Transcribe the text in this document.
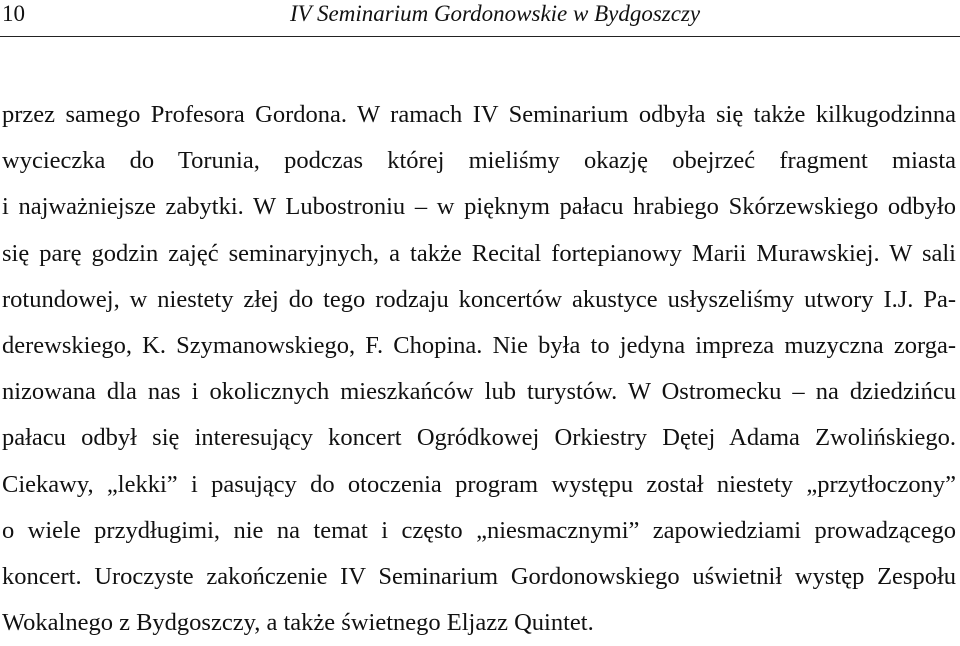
10	IV Seminarium Gordonowskie w Bydgoszczy
przez samego Profesora Gordona. W ramach IV Seminarium odbyła się także kilkugodzinna
wycieczka do Torunia, podczas której mieliśmy okazję obejrzeć fragment miasta
i najważniejsze zabytki. W Lubostroniu – w pięknym pałacu hrabiego Skórzewskiego odbyło
się parę godzin zajęć seminaryjnych, a także Recital fortepianowy Marii Murawskiej. W sali
rotundowej, w niestety złej do tego rodzaju koncertów akustyce usłyszeliśmy utwory I.J. Pa-
derewskiego, K. Szymanowskiego, F. Chopina. Nie była to jedyna impreza muzyczna zorga-
nizowana dla nas i okolicznych mieszkańców lub turystów. W Ostromecku – na dziedzińcu
pałacu odbył się interesujący koncert Ogródkowej Orkiestry Dętej Adama Zwolińskiego.
Ciekawy, „lekki” i pasujący do otoczenia program występu został niestety „przytłoczony”
o wiele przydługimi, nie na temat i często „niesmacznymi” zapowiedziami prowadzącego
koncert. Uroczyste zakończenie IV Seminarium Gordonowskiego uświetnił występ Zespołu
Wokalnego z Bydgoszczy, a także świetnego Eljazz Quintet.
